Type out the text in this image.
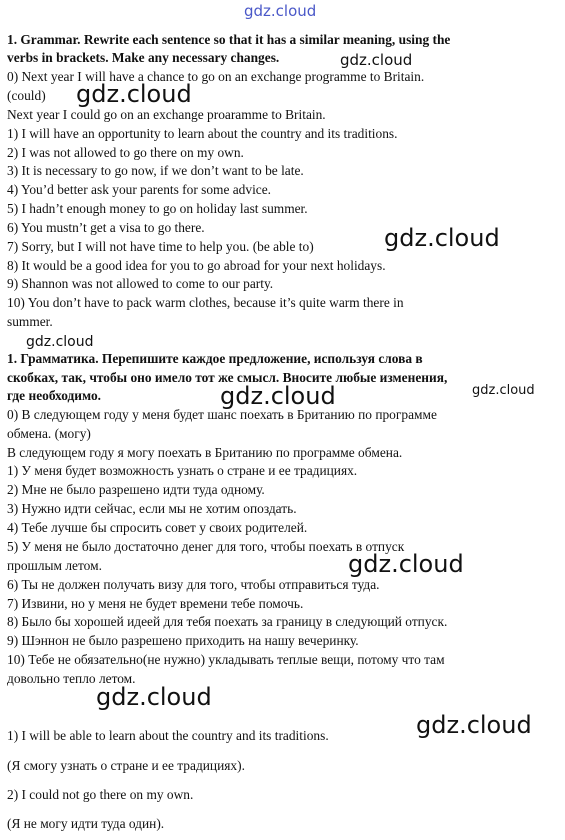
gdz.cloud
gdz.cloud
gdz.cloud
gdz.cloud
gdz.cloud
gdz.cloud
gdz.cloud
gdz.cloud
gdz.cloud
gdz.cloud
1. Grammar. Rewrite each sentence so that it has a similar meaning, using the
verbs in brackets. Make any necessary changes.
0) Next year I will have a chance to go on an exchange programme to Britain.
(could)
Next year I could go on an exchange proaramme to Britain.
1) I will have an opportunity to learn about the country and its traditions.
2) I was not allowed to go there on my own.
3) It is necessary to go now, if we don’t want to be late.
4) You’d better ask your parents for some advice.
5) I hadn’t enough money to go on holiday last summer.
6) You mustn’t get a visa to go there.
7) Sorry, but I will not have time to help you. (be able to)
8) It would be a good idea for you to go abroad for your next holidays.
9) Shannon was not allowed to come to our party.
10) You don’t have to pack warm clothes, because it’s quite warm there in
summer.
1. Грамматика. Перепишите каждое предложение, используя слова в
скобках, так, чтобы оно имело тот же смысл. Вносите любые изменения,
где необходимо.
0) В следующем году у меня будет шанс поехать в Британию по программе
обмена. (могу)
В следующем году я могу поехать в Британию по программе обмена.
1) У меня будет возможность узнать о стране и ее традициях.
2) Мне не было разрешено идти туда одному.
3) Нужно идти сейчас, если мы не хотим опоздать.
4) Тебе лучше бы спросить совет у своих родителей.
5) У меня не было достаточно денег для того, чтобы поехать в отпуск
прошлым летом.
6) Ты не должен получать визу для того, чтобы отправиться туда.
7) Извини, но у меня не будет времени тебе помочь.
8) Было бы хорошей идеей для тебя поехать за границу в следующий отпуск.
9) Шэннон не было разрешено приходить на нашу вечеринку.
10) Тебе не обязательно(не нужно) укладывать теплые вещи, потому что там
довольно тепло летом.
1) I will be able to learn about the country and its traditions.
(Я смогу узнать о стране и ее традициях).
2) I could not go there on my own.
(Я не могу идти туда один).
